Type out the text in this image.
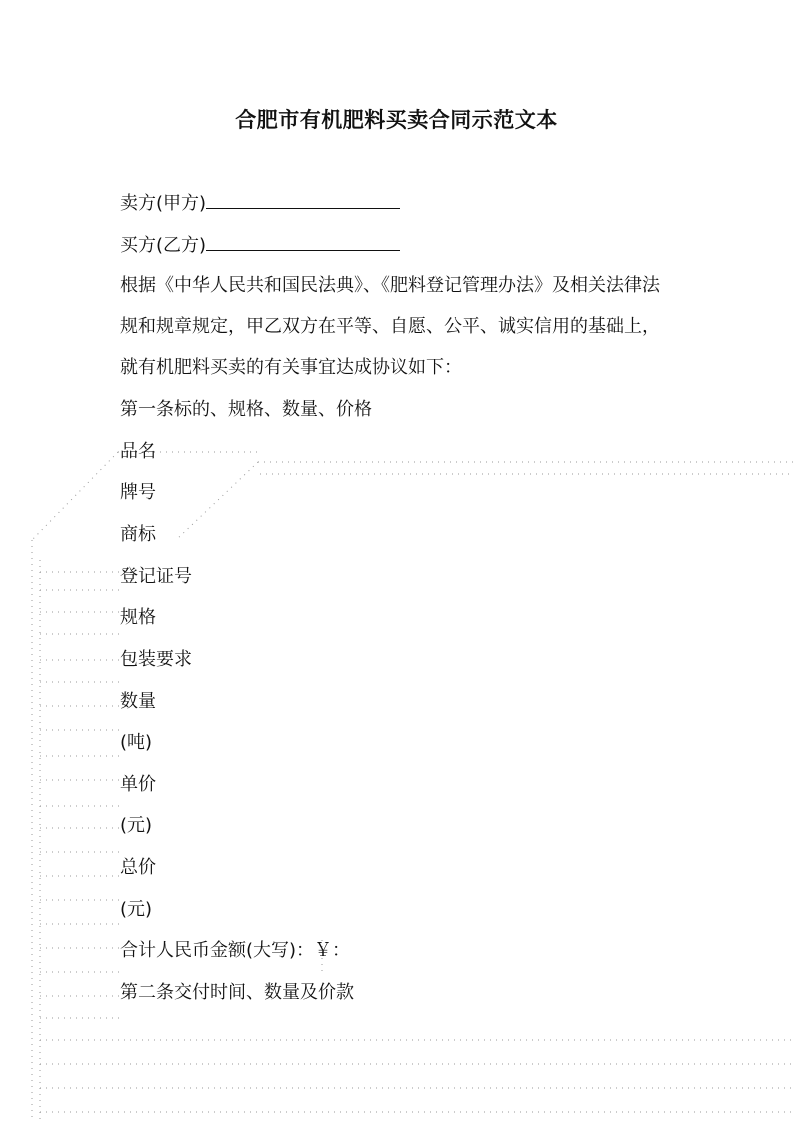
合肥市有机肥料买卖合同示范文本

卖方(甲方)

买方(乙方)

根据《中华人民共和国民法典》、《肥料登记管理办法》及相关法律法

规和规章规定，甲乙双方在平等、自愿、公平、诚实信用的基础上，

就有机肥料买卖的有关事宜达成协议如下：

第一条标的、规格、数量、价格

品名

牌号

商标

登记证号

规格

包装要求

数量

(吨)

单价

(元)

总价

(元)

合计人民币金额(大写)：￥：

第二条交付时间、数量及价款
